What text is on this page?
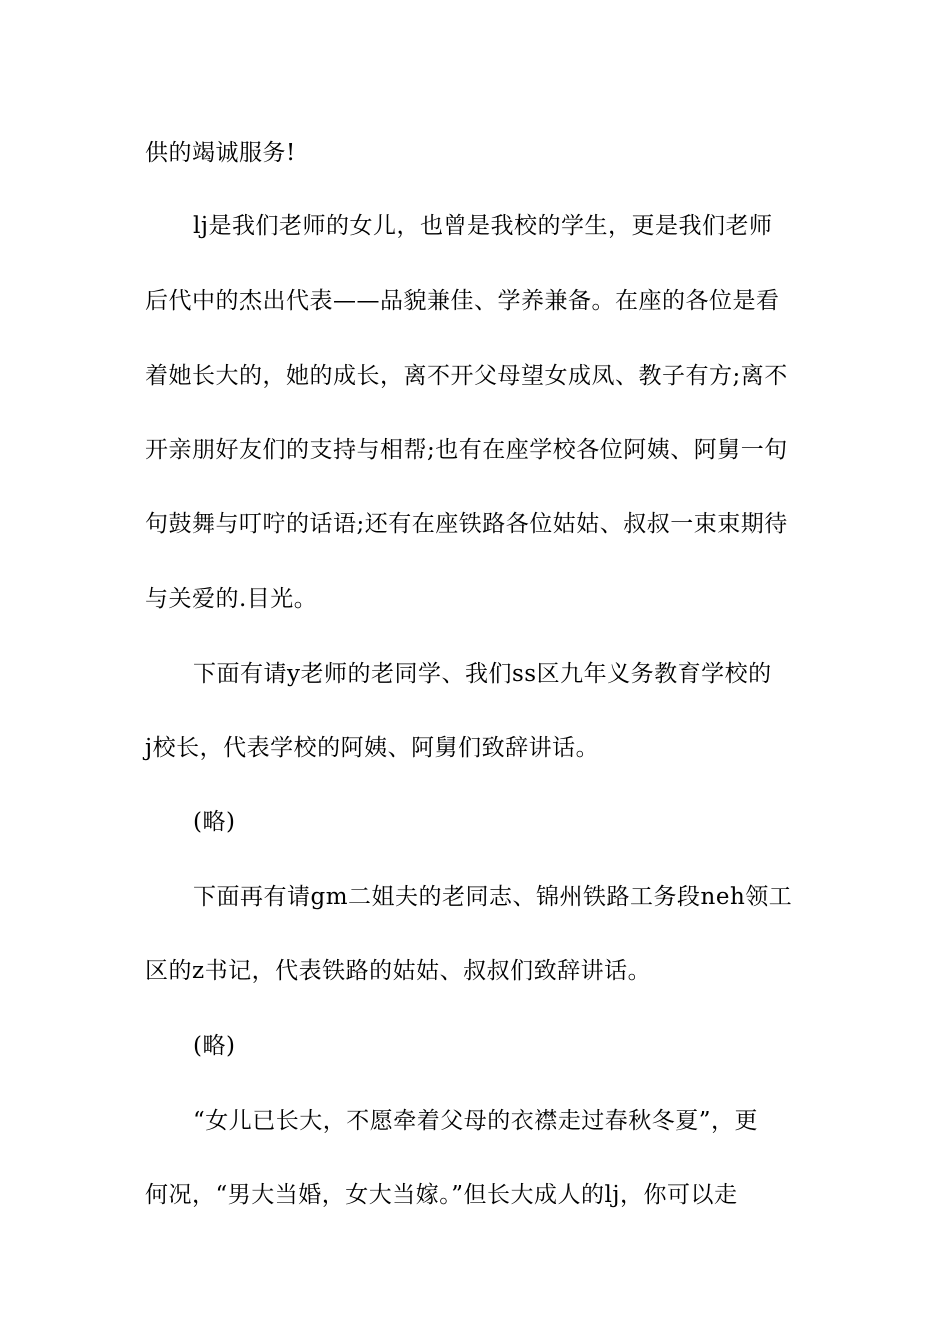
供的竭诚服务!
lj是我们老师的女儿，也曾是我校的学生，更是我们老师
后代中的杰出代表——品貌兼佳、学养兼备。在座的各位是看
着她长大的，她的成长，离不开父母望女成凤、教子有方;离不
开亲朋好友们的支持与相帮;也有在座学校各位阿姨、阿舅一句
句鼓舞与叮咛的话语;还有在座铁路各位姑姑、叔叔一束束期待
与关爱的.目光。
下面有请y老师的老同学、我们ss区九年义务教育学校的
j校长，代表学校的阿姨、阿舅们致辞讲话。
(略)
下面再有请gm二姐夫的老同志、锦州铁路工务段neh领工
区的z书记，代表铁路的姑姑、叔叔们致辞讲话。
(略)
“女儿已长大，不愿牵着父母的衣襟走过春秋冬夏”，更
何况，“男大当婚，女大当嫁。”但长大成人的lj，你可以走
